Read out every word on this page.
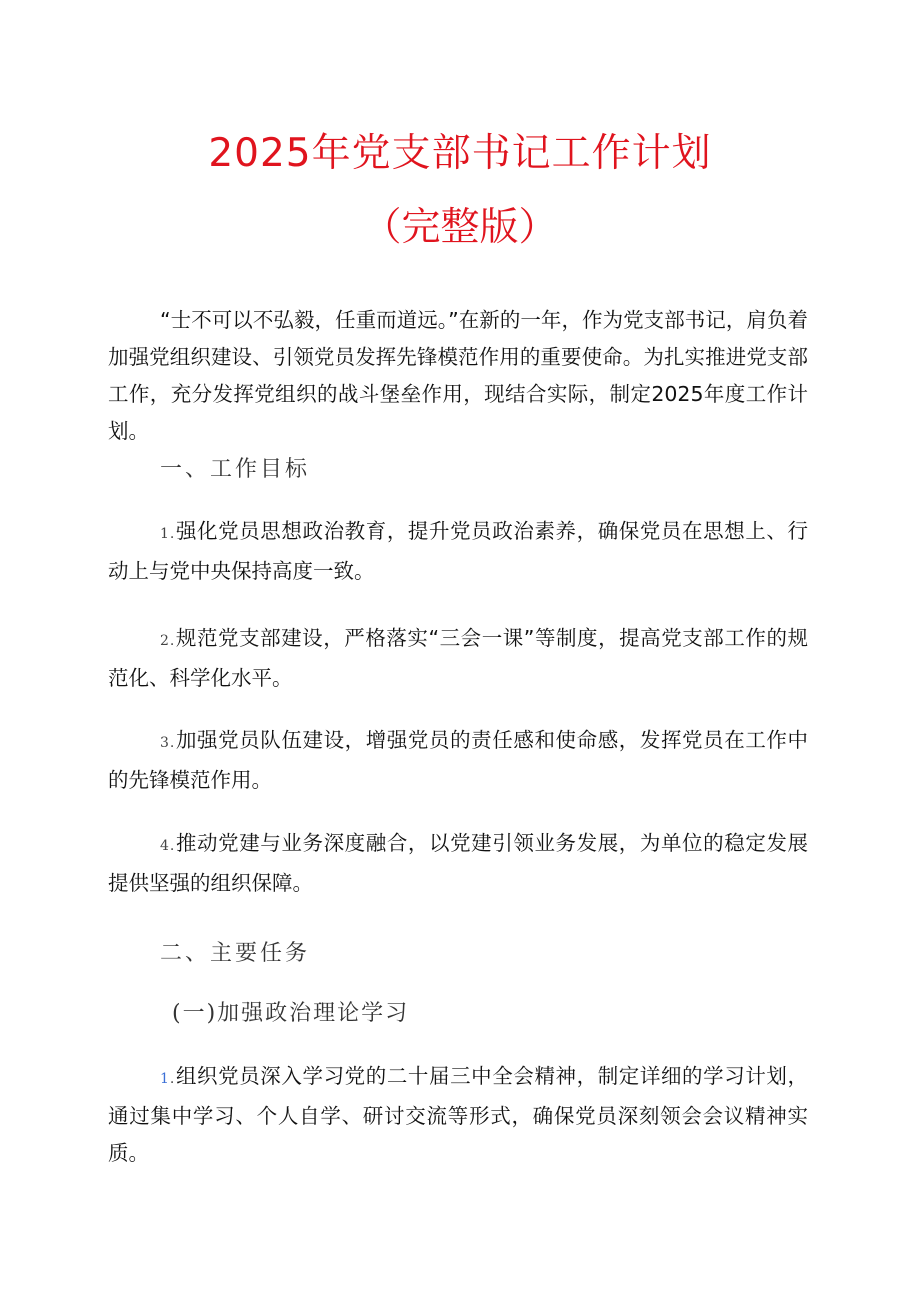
2025年党支部书记工作计划
（完整版）

“士不可以不弘毅，任重而道远。”在新的一年，作为党支部书记，肩负着加强党组织建设、引领党员发挥先锋模范作用的重要使命。为扎实推进党支部工作，充分发挥党组织的战斗堡垒作用，现结合实际，制定2025年度工作计划。

一、工作目标

1.强化党员思想政治教育，提升党员政治素养，确保党员在思想上、行动上与党中央保持高度一致。

2.规范党支部建设，严格落实“三会一课”等制度，提高党支部工作的规范化、科学化水平。

3.加强党员队伍建设，增强党员的责任感和使命感，发挥党员在工作中的先锋模范作用。

4.推动党建与业务深度融合，以党建引领业务发展，为单位的稳定发展提供坚强的组织保障。

二、主要任务
(一)加强政治理论学习

1.组织党员深入学习党的二十届三中全会精神，制定详细的学习计划，通过集中学习、个人自学、研讨交流等形式，确保党员深刻领会会议精神实质。
